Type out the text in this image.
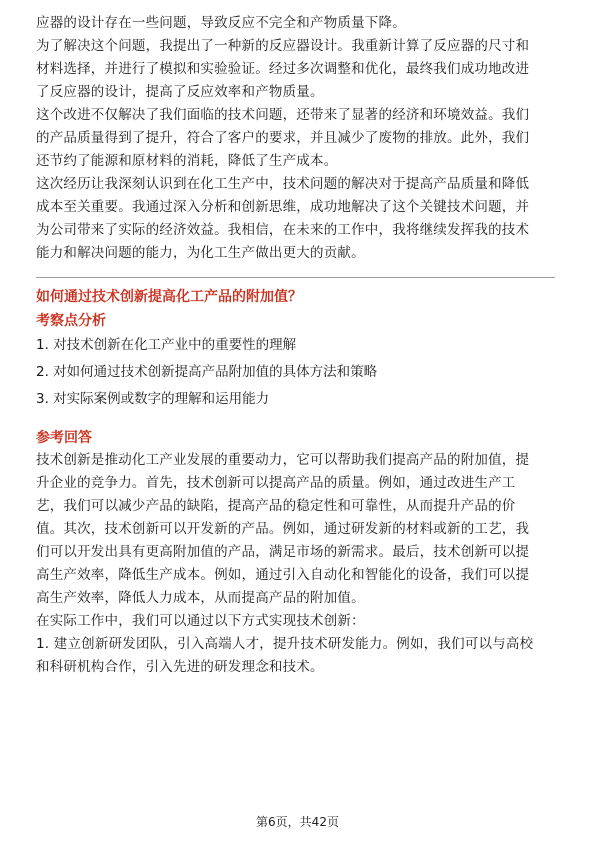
应器的设计存在一些问题，导致反应不完全和产物质量下降。

为了解决这个问题，我提出了一种新的反应器设计。我重新计算了反应器的尺寸和
材料选择，并进行了模拟和实验验证。经过多次调整和优化，最终我们成功地改进
了反应器的设计，提高了反应效率和产物质量。

这个改进不仅解决了我们面临的技术问题，还带来了显著的经济和环境效益。我们
的产品质量得到了提升，符合了客户的要求，并且减少了废物的排放。此外，我们
还节约了能源和原材料的消耗，降低了生产成本。

这次经历让我深刻认识到在化工生产中，技术问题的解决对于提高产品质量和降低
成本至关重要。我通过深入分析和创新思维，成功地解决了这个关键技术问题，并
为公司带来了实际的经济效益。我相信，在未来的工作中，我将继续发挥我的技术
能力和解决问题的能力，为化工生产做出更大的贡献。

如何通过技术创新提高化工产品的附加值？

考察点分析

1. 对技术创新在化工产业中的重要性的理解

2. 对如何通过技术创新提高产品附加值的具体方法和策略

3. 对实际案例或数字的理解和运用能力

参考回答

技术创新是推动化工产业发展的重要动力，它可以帮助我们提高产品的附加值，提
升企业的竞争力。首先，技术创新可以提高产品的质量。例如，通过改进生产工
艺，我们可以减少产品的缺陷，提高产品的稳定性和可靠性，从而提升产品的价
值。其次，技术创新可以开发新的产品。例如，通过研发新的材料或新的工艺，我
们可以开发出具有更高附加值的产品，满足市场的新需求。最后，技术创新可以提
高生产效率，降低生产成本。例如，通过引入自动化和智能化的设备，我们可以提
高生产效率，降低人力成本，从而提高产品的附加值。

在实际工作中，我们可以通过以下方式实现技术创新：

1. 建立创新研发团队，引入高端人才，提升技术研发能力。例如，我们可以与高校
和科研机构合作，引入先进的研发理念和技术。

第6页，共42页
